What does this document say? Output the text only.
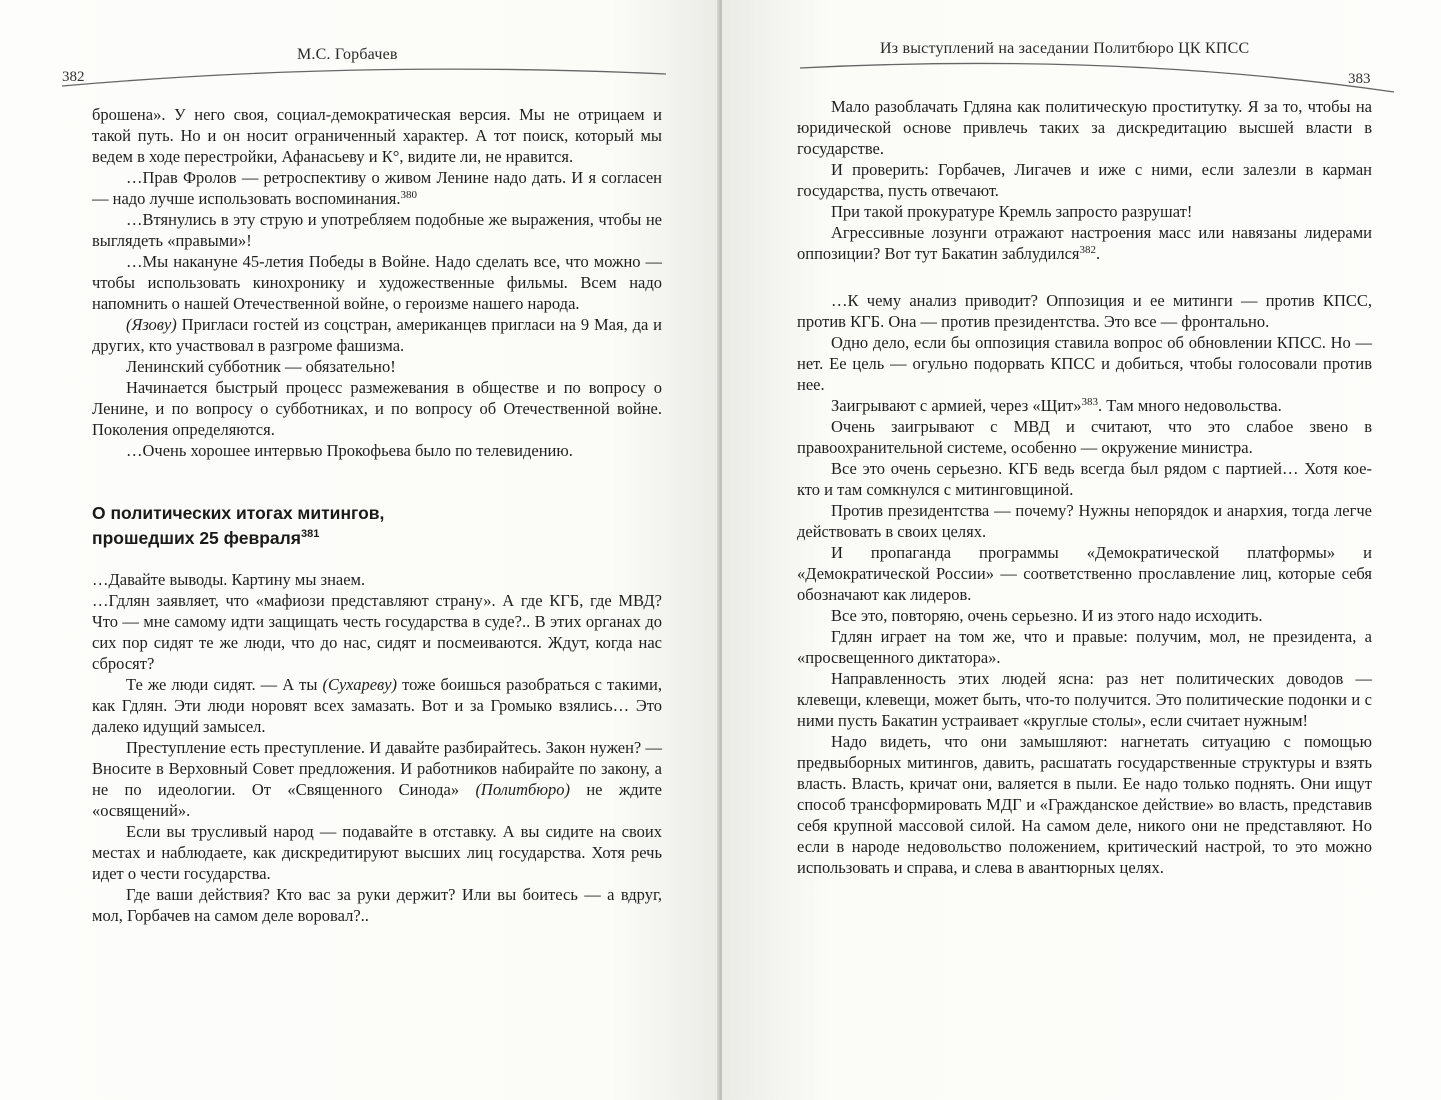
382
М.С. Горбачев

брошена». У него своя, социал-демократическая версия. Мы не отрицаем и такой путь. Но и он носит ограниченный характер. А тот поиск, который мы ведем в ходе перестройки, Афанасьеву и К°, видите ли, не нравится.

…Прав Фролов — ретроспективу о живом Ленине надо дать. И я согласен — надо лучше использовать воспоминания.$^{380}$

…Втянулись в эту струю и употребляем подобные же выражения, чтобы не выглядеть «правыми»!

…Мы накануне 45-летия Победы в Войне. Надо сделать все, что можно — чтобы использовать кинохронику и художественные фильмы. Всем надо напомнить о нашей Отечественной войне, о героизме нашего народа.

(Язову) Пригласи гостей из соцстран, американцев пригласи на 9 Мая, да и других, кто участвовал в разгроме фашизма.

Ленинский субботник — обязательно!

Начинается быстрый процесс размежевания в обществе и по вопросу о Ленине, и по вопросу о субботниках, и по вопросу об Отечественной войне. Поколения определяются.

…Очень хорошее интервью Прокофьева было по телевидению.

О политических итогах митингов,
прошедших 25 февраля$^{381}$

…Давайте выводы. Картину мы знаем.

…Гдлян заявляет, что «мафиози представляют страну». А где КГБ, где МВД? Что — мне самому идти защищать честь государства в суде?.. В этих органах до сих пор сидят те же люди, что до нас, сидят и посмеиваются. Ждут, когда нас сбросят?

Те же люди сидят. — А ты (Сухареву) тоже боишься разобраться с такими, как Гдлян. Эти люди норовят всех замазать. Вот и за Громыко взялись… Это далеко идущий замысел.

Преступление есть преступление. И давайте разбирайтесь. Закон нужен? — Вносите в Верховный Совет предложения. И работников набирайте по закону, а не по идеологии. От «Священного Синода» (Политбюро) не ждите «освящений».

Если вы трусливый народ — подавайте в отставку. А вы сидите на своих местах и наблюдаете, как дискредитируют высших лиц государства. Хотя речь идет о чести государства.

Где ваши действия? Кто вас за руки держит? Или вы боитесь — а вдруг, мол, Горбачев на самом деле воровал?..

Из выступлений на заседании Политбюро ЦК КПСС
383

Мало разоблачать Гдляна как политическую проститутку. Я за то, чтобы на юридической основе привлечь таких за дискредитацию высшей власти в государстве.

И проверить: Горбачев, Лигачев и иже с ними, если залезли в карман государства, пусть отвечают.

При такой прокуратуре Кремль запросто разрушат!

Агрессивные лозунги отражают настроения масс или навязаны лидерами оппозиции? Вот тут Бакатин заблудился$^{382}$.

…К чему анализ приводит? Оппозиция и ее митинги — против КПСС, против КГБ. Она — против президентства. Это все — фронтально.

Одно дело, если бы оппозиция ставила вопрос об обновлении КПСС. Но — нет. Ее цель — огульно подорвать КПСС и добиться, чтобы голосовали против нее.

Заигрывают с армией, через «Щит»$^{383}$. Там много недовольства.

Очень заигрывают с МВД и считают, что это слабое звено в правоохранительной системе, особенно — окружение министра.

Все это очень серьезно. КГБ ведь всегда был рядом с партией… Хотя кое-кто и там сомкнулся с митинговщиной.

Против президентства — почему? Нужны непорядок и анархия, тогда легче действовать в своих целях.

И пропаганда программы «Демократической платформы» и «Демократической России» — соответственно прославление лиц, которые себя обозначают как лидеров.

Все это, повторяю, очень серьезно. И из этого надо исходить.

Гдлян играет на том же, что и правые: получим, мол, не президента, а «просвещенного диктатора».

Направленность этих людей ясна: раз нет политических доводов — клевещи, клевещи, может быть, что-то получится. Это политические подонки и с ними пусть Бакатин устраивает «круглые столы», если считает нужным!

Надо видеть, что они замышляют: нагнетать ситуацию с помощью предвыборных митингов, давить, расшатать государственные структуры и взять власть. Власть, кричат они, валяется в пыли. Ее надо только поднять. Они ищут способ трансформировать МДГ и «Гражданское действие» во власть, представив себя крупной массовой силой. На самом деле, никого они не представляют. Но если в народе недовольство положением, критический настрой, то это можно использовать и справа, и слева в авантюрных целях.
